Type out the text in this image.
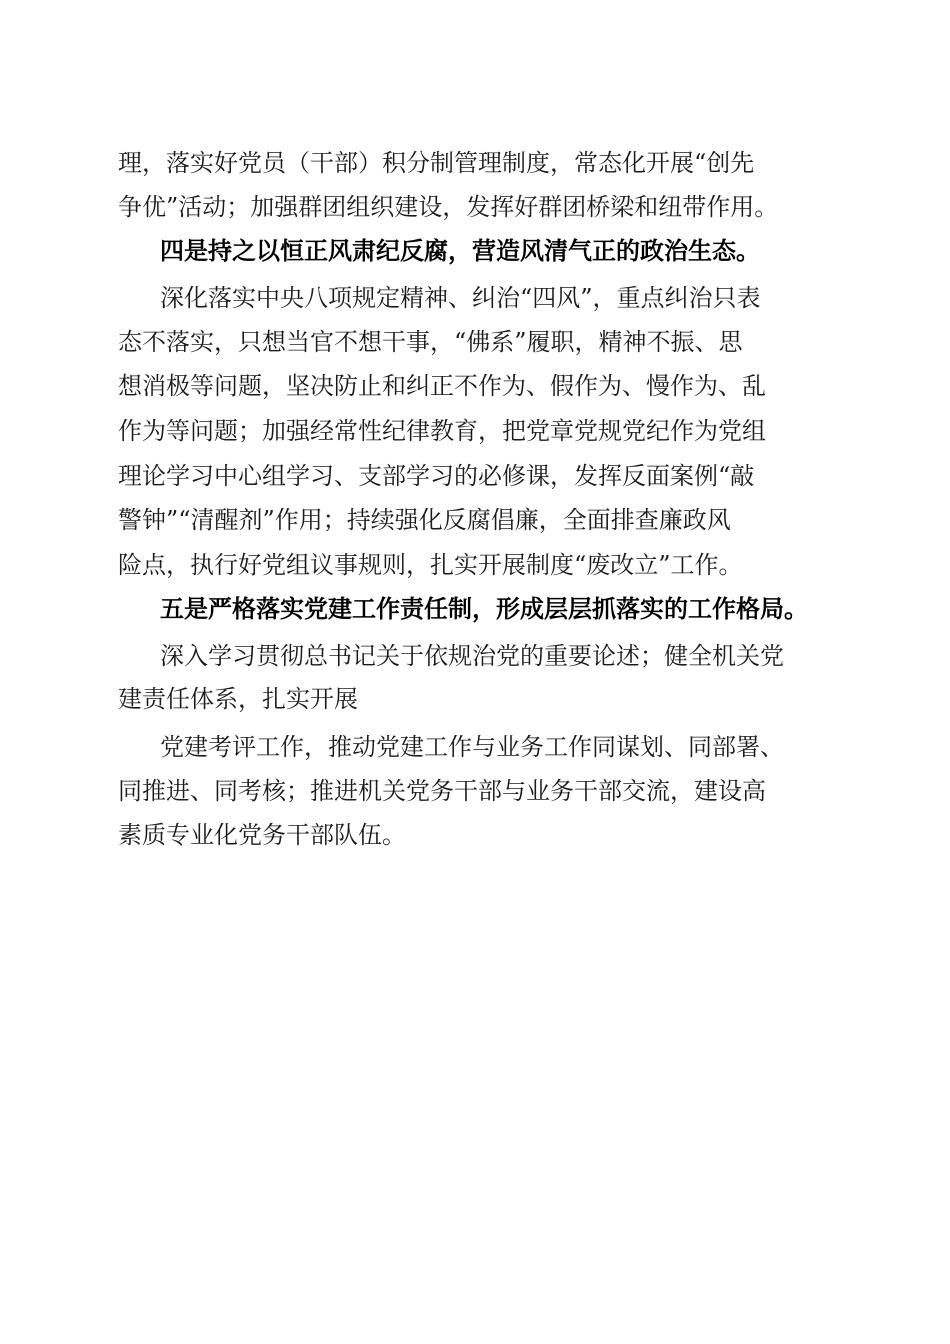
理，落实好党员（干部）积分制管理制度，常态化开展“创先
争优”活动；加强群团组织建设，发挥好群团桥梁和纽带作用。
四是持之以恒正风肃纪反腐，营造风清气正的政治生态。
深化落实中央八项规定精神、纠治“四风”，重点纠治只表
态不落实，只想当官不想干事，“佛系”履职，精神不振、思
想消极等问题，坚决防止和纠正不作为、假作为、慢作为、乱
作为等问题；加强经常性纪律教育，把党章党规党纪作为党组
理论学习中心组学习、支部学习的必修课，发挥反面案例“敲
警钟”“清醒剂”作用；持续强化反腐倡廉，全面排查廉政风
险点，执行好党组议事规则，扎实开展制度“废改立”工作。
五是严格落实党建工作责任制，形成层层抓落实的工作格局。
深入学习贯彻总书记关于依规治党的重要论述；健全机关党
建责任体系，扎实开展
党建考评工作，推动党建工作与业务工作同谋划、同部署、
同推进、同考核；推进机关党务干部与业务干部交流，建设高
素质专业化党务干部队伍。
